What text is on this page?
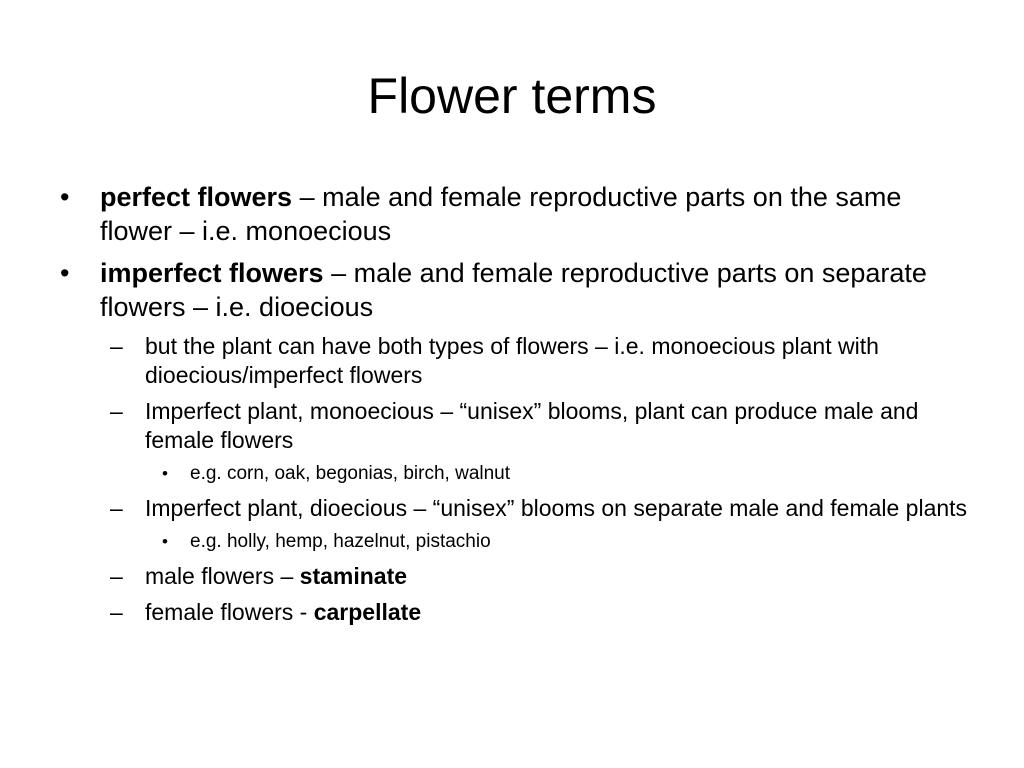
Flower terms

• perfect flowers – male and female reproductive parts on the same flower – i.e. monoecious

• imperfect flowers – male and female reproductive parts on separate flowers – i.e. dioecious

– but the plant can have both types of flowers – i.e. monoecious plant with dioecious/imperfect flowers

– Imperfect plant, monoecious – “unisex” blooms, plant can produce male and female flowers

• e.g. corn, oak, begonias, birch, walnut

– Imperfect plant, dioecious – “unisex” blooms on separate male and female plants

• e.g. holly, hemp, hazelnut, pistachio

– male flowers – staminate

– female flowers - carpellate
